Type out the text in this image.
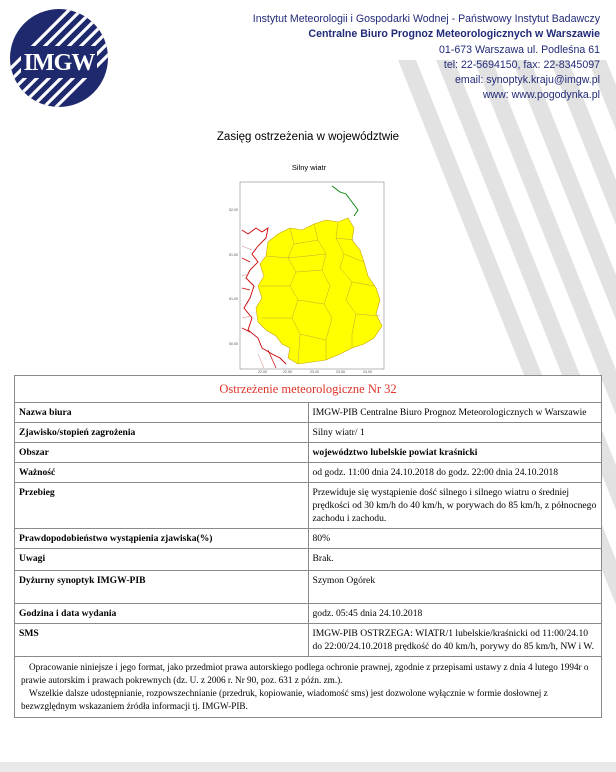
IMGW
Instytut Meteorologii i Gospodarki Wodnej - Państwowy Instytut Badawczy
Centralne Biuro Prognoz Meteorologicznych w Warszawie
01-673 Warszawa ul. Podleśna 61
tel: 22-5694150, fax: 22-8345097
email: synoptyk.kraju@imgw.pl
www: www.pogodynka.pl
Zasięg ostrzeżenia w województwie
Silny wiatr
52,00
51,50
51,00
50,50
22,00	22,50	23,00	23,50	24,00
Ostrzeżenie meteorologiczne Nr 32	
Nazwa biura	IMGW-PIB Centralne Biuro Prognoz Meteorologicznych w Warszawie
Zjawisko/stopień zagrożenia	Silny wiatr/ 1
Obszar	województwo lubelskie powiat kraśnicki
Ważność	od godz. 11:00 dnia 24.10.2018 do godz. 22:00 dnia 24.10.2018
Przebieg	Przewiduje się wystąpienie dość silnego i silnego wiatru o średniej prędkości od 30 km/h do 40 km/h, w porywach do 85 km/h, z północnego zachodu i zachodu.
Prawdopodobieństwo wystąpienia zjawiska(%)	80%
Uwagi	Brak.
Dyżurny synoptyk IMGW-PIB	Szymon Ogórek
Godzina i data wydania	godz. 05:45 dnia 24.10.2018
SMS	IMGW-PIB OSTRZEGA: WIATR/1 lubelskie/kraśnicki od 11:00/24.10 do 22:00/24.10.2018 prędkość do 40 km/h, porywy do 85 km/h, NW i W.

Opracowanie niniejsze i jego format, jako przedmiot prawa autorskiego podlega ochronie prawnej, zgodnie z przepisami ustawy z dnia 4 lutego 1994r o prawie autorskim i prawach pokrewnych (dz. U. z 2006 r. Nr 90, poz. 631 z późn. zm.).

Wszelkie dalsze udostępnianie, rozpowszechnianie (przedruk, kopiowanie, wiadomość sms) jest dozwolone wyłącznie w formie dosłownej z bezwzględnym wskazaniem źródła informacji tj. IMGW-PIB.	
